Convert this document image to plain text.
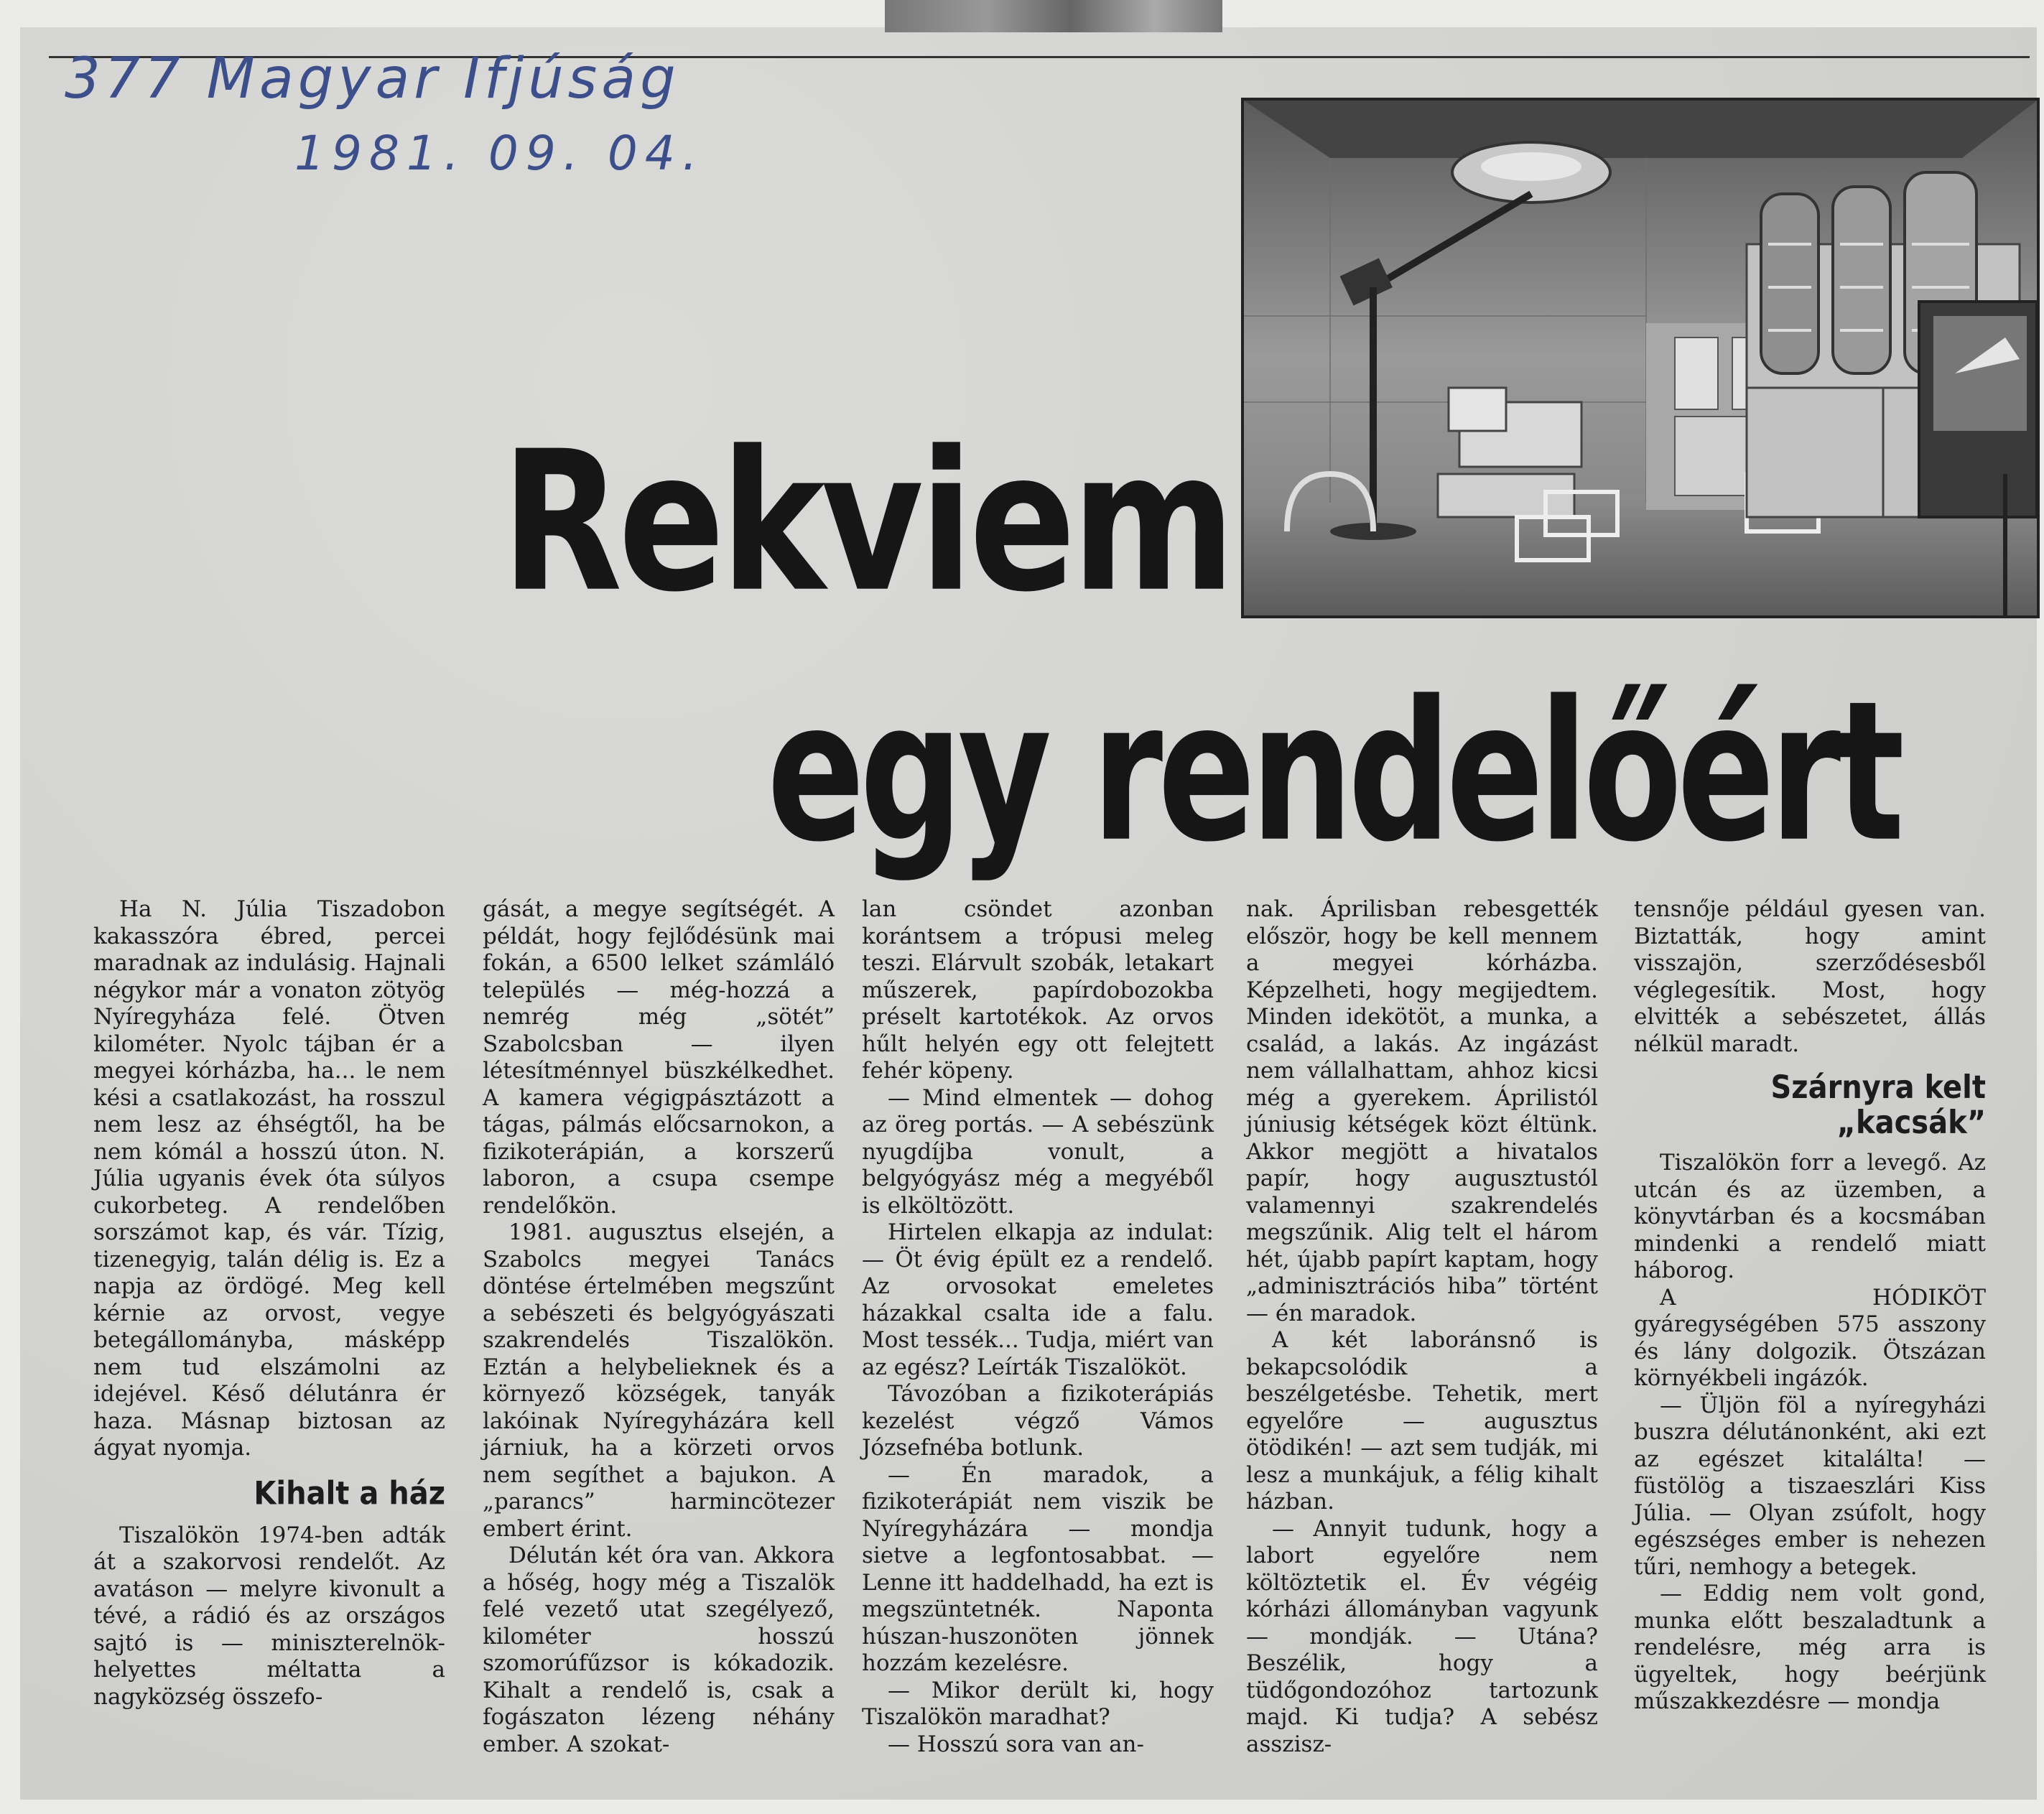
377 Magyar Ifjúság
1981. 09. 04.
Rekviem
egy rendelőért

Ha N. Júlia Tiszadobon kakasszóra ébred, percei maradnak az indulásig. Hajnali négykor már a vonaton zötyög Nyíregyháza felé. Ötven kilométer. Nyolc tájban ér a megyei kórházba, ha... le nem kési a csatlakozást, ha rosszul nem lesz az éhségtől, ha be nem kómál a hosszú úton. N. Júlia ugyanis évek óta súlyos cukorbeteg. A rendelőben sorszámot kap, és vár. Tízig, tizenegyig, talán délig is. Ez a napja az ördögé. Meg kell kérnie az orvost, vegye betegállományba, másképp nem tud elszámolni az idejével. Késő délutánra ér haza. Másnap biztosan az ágyat nyomja.

Kihalt a ház

Tiszalökön 1974-ben adták át a szakorvosi rendelőt. Az avatáson — melyre kivonult a tévé, a rádió és az országos sajtó is — miniszterelnök-helyettes méltatta a nagyközség összefo-

gását, a megye segítségét. A példát, hogy fejlődésünk mai fokán, a 6500 lelket számláló település — még-hozzá a nemrég még „sötét” Szabolcsban — ilyen létesítménnyel büszkélkedhet. A kamera végigpásztázott a tágas, pálmás előcsarnokon, a fizikoterápián, a korszerű laboron, a csupa csempe rendelőkön.

1981. augusztus elsején, a Szabolcs megyei Tanács döntése értelmében megszűnt a sebészeti és belgyógyászati szakrendelés Tiszalökön. Eztán a helybelieknek és a környező községek, tanyák lakóinak Nyíregyházára kell járniuk, ha a körzeti orvos nem segíthet a bajukon. A „parancs” harmincötezer embert érint.

Délután két óra van. Akkora a hőség, hogy még a Tiszalök felé vezető utat szegélyező, kilométer hosszú szomorúfűzsor is kókadozik. Kihalt a rendelő is, csak a fogászaton lézeng néhány ember. A szokat-

lan csöndet azonban korántsem a trópusi meleg teszi. Elárvult szobák, letakart műszerek, papírdobozokba préselt kartotékok. Az orvos hűlt helyén egy ott felejtett fehér köpeny.

— Mind elmentek — dohog az öreg portás. — A sebészünk nyugdíjba vonult, a belgyógyász még a megyéből is elköltözött.

Hirtelen elkapja az indulat: — Öt évig épült ez a rendelő. Az orvosokat emeletes házakkal csalta ide a falu. Most tessék... Tudja, miért van az egész? Leírták Tiszalököt.

Távozóban a fizikoterápiás kezelést végző Vámos Józsefnéba botlunk.

— Én maradok, a fizikoterápiát nem viszik be Nyíregyházára — mondja sietve a legfontosabbat. — Lenne itt haddelhadd, ha ezt is megszüntetnék. Naponta húszan-huszonöten jönnek hozzám kezelésre.

— Mikor derült ki, hogy Tiszalökön maradhat?

— Hosszú sora van an-

nak. Áprilisban rebesgették először, hogy be kell mennem a megyei kórházba. Képzelheti, hogy megijedtem. Minden idekötöt, a munka, a család, a lakás. Az ingázást nem vállalhattam, ahhoz kicsi még a gyerekem. Áprilistól júniusig kétségek közt éltünk. Akkor megjött a hivatalos papír, hogy augusztustól valamennyi szakrendelés megszűnik. Alig telt el három hét, újabb papírt kaptam, hogy „adminisztrációs hiba” történt — én maradok.

A két laboránsnő is bekapcsolódik a beszélgetésbe. Tehetik, mert egyelőre — augusztus ötödikén! — azt sem tudják, mi lesz a munkájuk, a félig kihalt házban.

— Annyit tudunk, hogy a labort egyelőre nem költöztetik el. Év végéig kórházi állományban vagyunk — mondják. — Utána? Beszélik, hogy a tüdőgondozóhoz tartozunk majd. Ki tudja? A sebész asszisz-

tensnője például gyesen van. Biztatták, hogy amint visszajön, szerződésesből véglegesítik. Most, hogy elvitték a sebészetet, állás nélkül maradt.

Szárnyra kelt „kacsák”

Tiszalökön forr a levegő. Az utcán és az üzemben, a könyvtárban és a kocsmában mindenki a rendelő miatt háborog.

A HÓDIKÖT gyáregységében 575 asszony és lány dolgozik. Ötszázan környékbeli ingázók.

— Üljön föl a nyíregyházi buszra délutánonként, aki ezt az egészet kitalálta! — füstölög a tiszaeszlári Kiss Júlia. — Olyan zsúfolt, hogy egészséges ember is nehezen tűri, nemhogy a betegek.

— Eddig nem volt gond, munka előtt beszaladtunk a rendelésre, még arra is ügyeltek, hogy beérjünk műszakkezdésre — mondja
